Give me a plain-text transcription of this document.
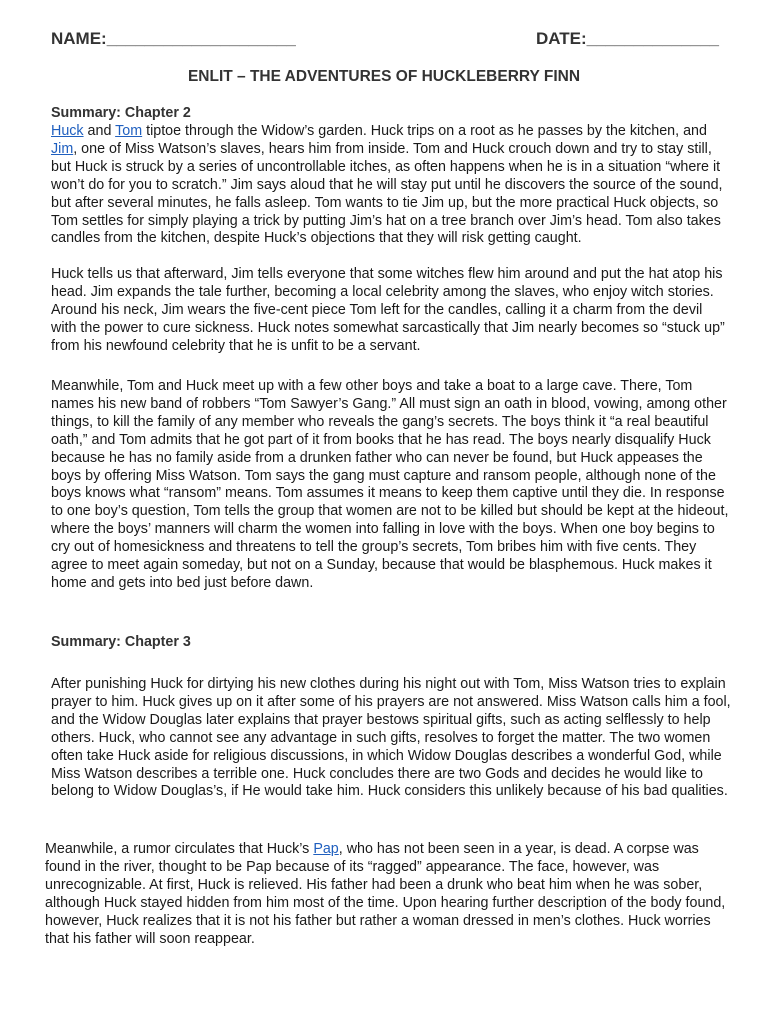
NAME:____________________	DATE:______________
ENLIT – THE ADVENTURES OF HUCKLEBERRY FINN

Summary: Chapter 2

Huck and Tom tiptoe through the Widow’s garden. Huck trips on a root as he passes by the kitchen, and Jim, one of Miss Watson’s slaves, hears him from inside. Tom and Huck crouch down and try to stay still, but Huck is struck by a series of uncontrollable itches, as often happens when he is in a situation “where it won’t do for you to scratch.” Jim says aloud that he will stay put until he discovers the source of the sound, but after several minutes, he falls asleep. Tom wants to tie Jim up, but the more practical Huck objects, so Tom settles for simply playing a trick by putting Jim’s hat on a tree branch over Jim’s head. Tom also takes candles from the kitchen, despite Huck’s objections that they will risk getting caught.

Huck tells us that afterward, Jim tells everyone that some witches flew him around and put the hat atop his head. Jim expands the tale further, becoming a local celebrity among the slaves, who enjoy witch stories. Around his neck, Jim wears the five-cent piece Tom left for the candles, calling it a charm from the devil with the power to cure sickness. Huck notes somewhat sarcastically that Jim nearly becomes so “stuck up” from his newfound celebrity that he is unfit to be a servant.

Meanwhile, Tom and Huck meet up with a few other boys and take a boat to a large cave. There, Tom names his new band of robbers “Tom Sawyer’s Gang.” All must sign an oath in blood, vowing, among other things, to kill the family of any member who reveals the gang’s secrets. The boys think it “a real beautiful oath,” and Tom admits that he got part of it from books that he has read. The boys nearly disqualify Huck because he has no family aside from a drunken father who can never be found, but Huck appeases the boys by offering Miss Watson. Tom says the gang must capture and ransom people, although none of the boys knows what “ransom” means. Tom assumes it means to keep them captive until they die. In response to one boy’s question, Tom tells the group that women are not to be killed but should be kept at the hideout, where the boys’ manners will charm the women into falling in love with the boys. When one boy begins to cry out of homesickness and threatens to tell the group’s secrets, Tom bribes him with five cents. They agree to meet again someday, but not on a Sunday, because that would be blasphemous. Huck makes it home and gets into bed just before dawn.

Summary: Chapter 3

After punishing Huck for dirtying his new clothes during his night out with Tom, Miss Watson tries to explain prayer to him. Huck gives up on it after some of his prayers are not answered. Miss Watson calls him a fool, and the Widow Douglas later explains that prayer bestows spiritual gifts, such as acting selflessly to help others. Huck, who cannot see any advantage in such gifts, resolves to forget the matter. The two women often take Huck aside for religious discussions, in which Widow Douglas describes a wonderful God, while Miss Watson describes a terrible one. Huck concludes there are two Gods and decides he would like to belong to Widow Douglas’s, if He would take him. Huck considers this unlikely because of his bad qualities.

Meanwhile, a rumor circulates that Huck’s Pap, who has not been seen in a year, is dead. A corpse was found in the river, thought to be Pap because of its “ragged” appearance. The face, however, was unrecognizable. At first, Huck is relieved. His father had been a drunk who beat him when he was sober, although Huck stayed hidden from him most of the time. Upon hearing further description of the body found, however, Huck realizes that it is not his father but rather a woman dressed in men’s clothes. Huck worries that his father will soon reappear.
